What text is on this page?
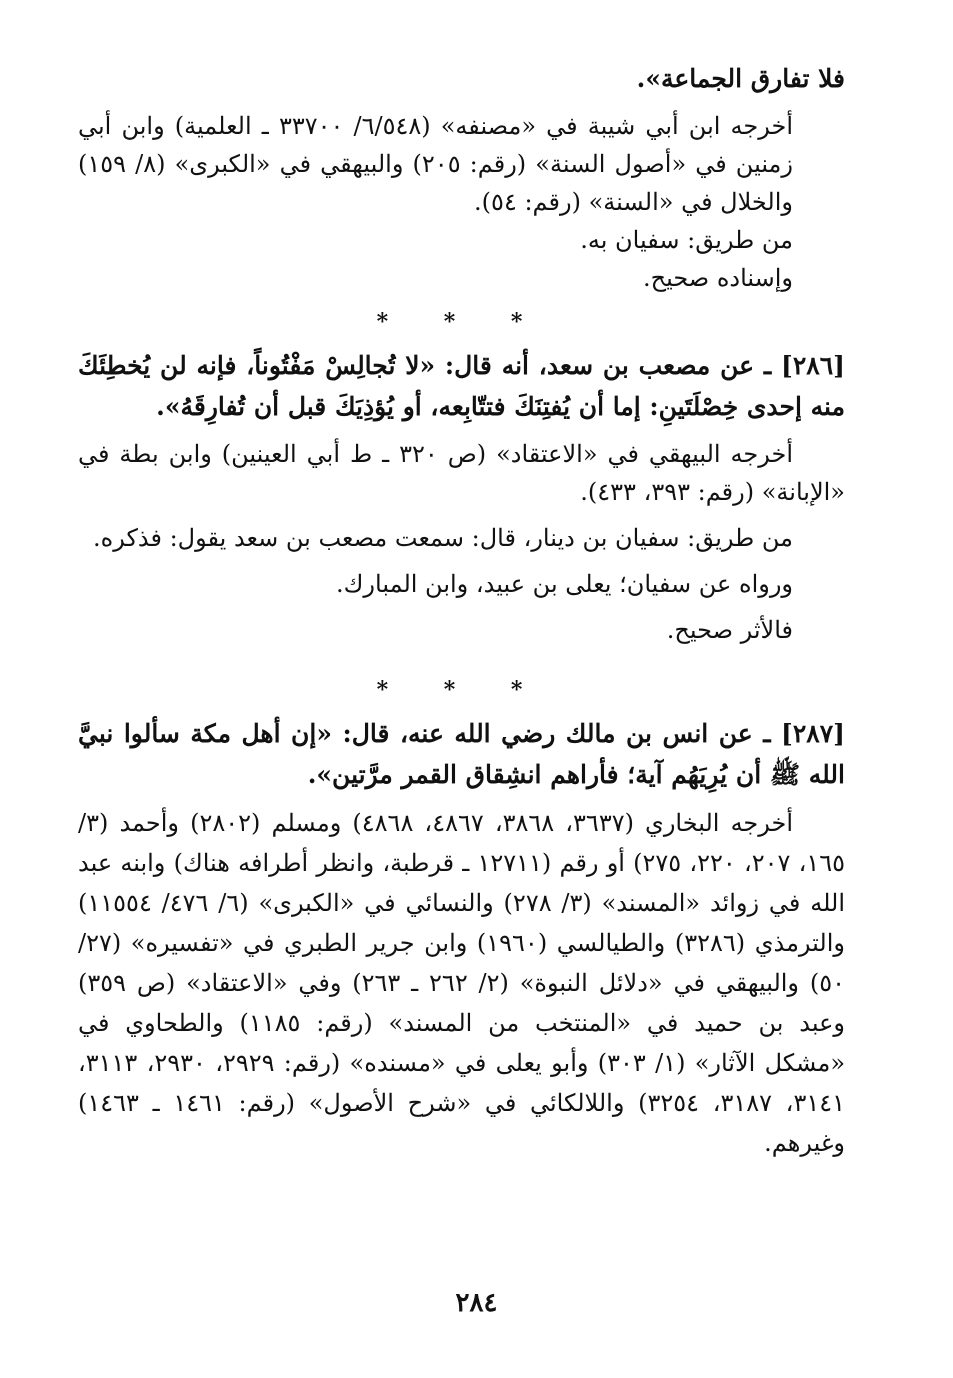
فلا تفارق الجماعة».

أخرجه ابن أبي شيبة في «مصنفه» (٦/٥٤٨/ ٣٣٧٠٠ ـ العلمية) وابن أبي زمنين في «أصول السنة» (رقم: ٢٠٥) والبيهقي في «الكبرى» (٨/ ١٥٩) والخلال في «السنة» (رقم: ٥٤).

من طريق: سفيان به.

وإسناده صحيح.

* * *

[٢٨٦] ـ عن مصعب بن سعد، أنه قال: «لا تُجالِسْ مَفْتُوناً، فإنه لن يُخطِئَكَ منه إحدى خِصْلَتَينِ: إما أن يُفتِنَكَ فتتّابِعه، أو يُؤذِيَكَ قبل أن تُفارِقَهُ».

أخرجه البيهقي في «الاعتقاد» (ص ٣٢٠ ـ ط أبي العينين) وابن بطة في «الإبانة» (رقم: ٣٩٣، ٤٣٣).

من طريق: سفيان بن دينار، قال: سمعت مصعب بن سعد يقول: فذكره.

ورواه عن سفيان؛ يعلى بن عبيد، وابن المبارك.

فالأثر صحيح.

* * *

[٢٨٧] ـ عن انس بن مالك رضي الله عنه، قال: «إن أهل مكة سألوا نبيَّ الله ﷺ أن يُرِيَهُم آية؛ فأراهم انشِقاق القمر مرَّتين».

أخرجه البخاري (٣٦٣٧، ٣٨٦٨، ٤٨٦٧، ٤٨٦٨) ومسلم (٢٨٠٢) وأحمد (٣/ ١٦٥، ٢٠٧، ٢٢٠، ٢٧٥) أو رقم (١٢٧١١ ـ قرطبة، وانظر أطرافه هناك) وابنه عبد الله في زوائد «المسند» (٣/ ٢٧٨) والنسائي في «الكبرى» (٦/ ٤٧٦/ ١١٥٥٤) والترمذي (٣٢٨٦) والطيالسي (١٩٦٠) وابن جرير الطبري في «تفسيره» (٢٧/ ٥٠) والبيهقي في «دلائل النبوة» (٢/ ٢٦٢ ـ ٢٦٣) وفي «الاعتقاد» (ص ٣٥٩) وعبد بن حميد في «المنتخب من المسند» (رقم: ١١٨٥) والطحاوي في «مشكل الآثار» (١/ ٣٠٣) وأبو يعلى في «مسنده» (رقم: ٢٩٢٩، ٢٩٣٠، ٣١١٣، ٣١٤١، ٣١٨٧، ٣٢٥٤) واللالكائي في «شرح الأصول» (رقم: ١٤٦١ ـ ١٤٦٣) وغيرهم.

٢٨٤
